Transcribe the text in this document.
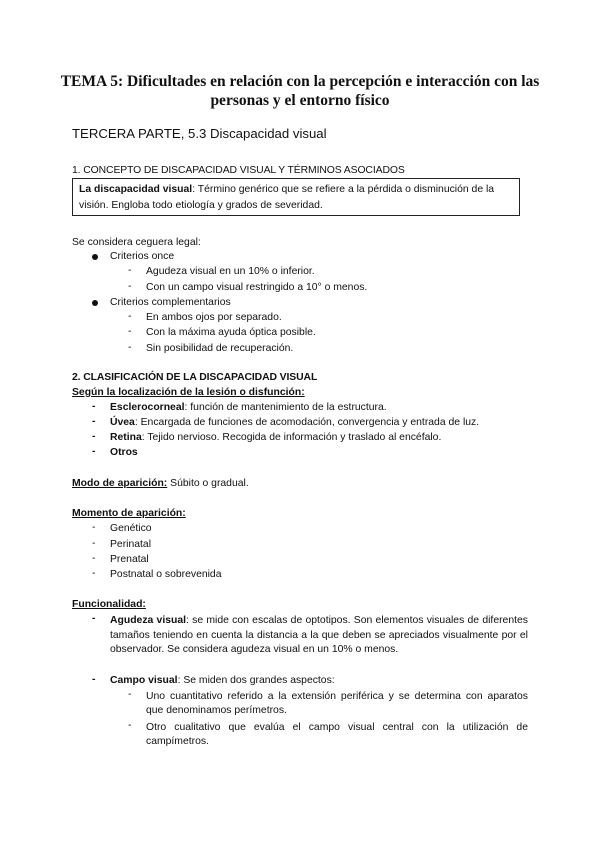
TEMA 5: Dificultades en relación con la percepción e interacción con las personas y el entorno físico
TERCERA PARTE, 5.3 Discapacidad visual
1. CONCEPTO DE DISCAPACIDAD VISUAL Y TÉRMINOS ASOCIADOS
La discapacidad visual: Término genérico que se refiere a la pérdida o disminución de la visión. Engloba todo etiología y grados de severidad.
Se considera ceguera legal:
Criterios once
- Agudeza visual en un 10% o inferior.
- Con un campo visual restringido a 10° o menos.
Criterios complementarios
- En ambos ojos por separado.
- Con la máxima ayuda óptica posible.
- Sin posibilidad de recuperación.
2. CLASIFICACIÓN DE LA DISCAPACIDAD VISUAL
Según la localización de la lesión o disfunción:
- Esclerocorneal: función de mantenimiento de la estructura.
- Úvea: Encargada de funciones de acomodación, convergencia y entrada de luz.
- Retina: Tejido nervioso. Recogida de información y traslado al encéfalo.
- Otros
Modo de aparición: Súbito o gradual.
Momento de aparición:
- Genético
- Perinatal
- Prenatal
- Postnatal o sobrevenida
Funcionalidad:
- Agudeza visual: se mide con escalas de optotipos. Son elementos visuales de diferentes
tamaños teniendo en cuenta la distancia a la que deben se apreciados visualmente por el
observador. Se considera agudeza visual en un 10% o menos.
- Campo visual: Se miden dos grandes aspectos:
- Uno cuantitativo referido a la extensión periférica y se determina con aparatos
que denominamos perímetros.
- Otro cualitativo que evalúa el campo visual central con la utilización de
campímetros.
